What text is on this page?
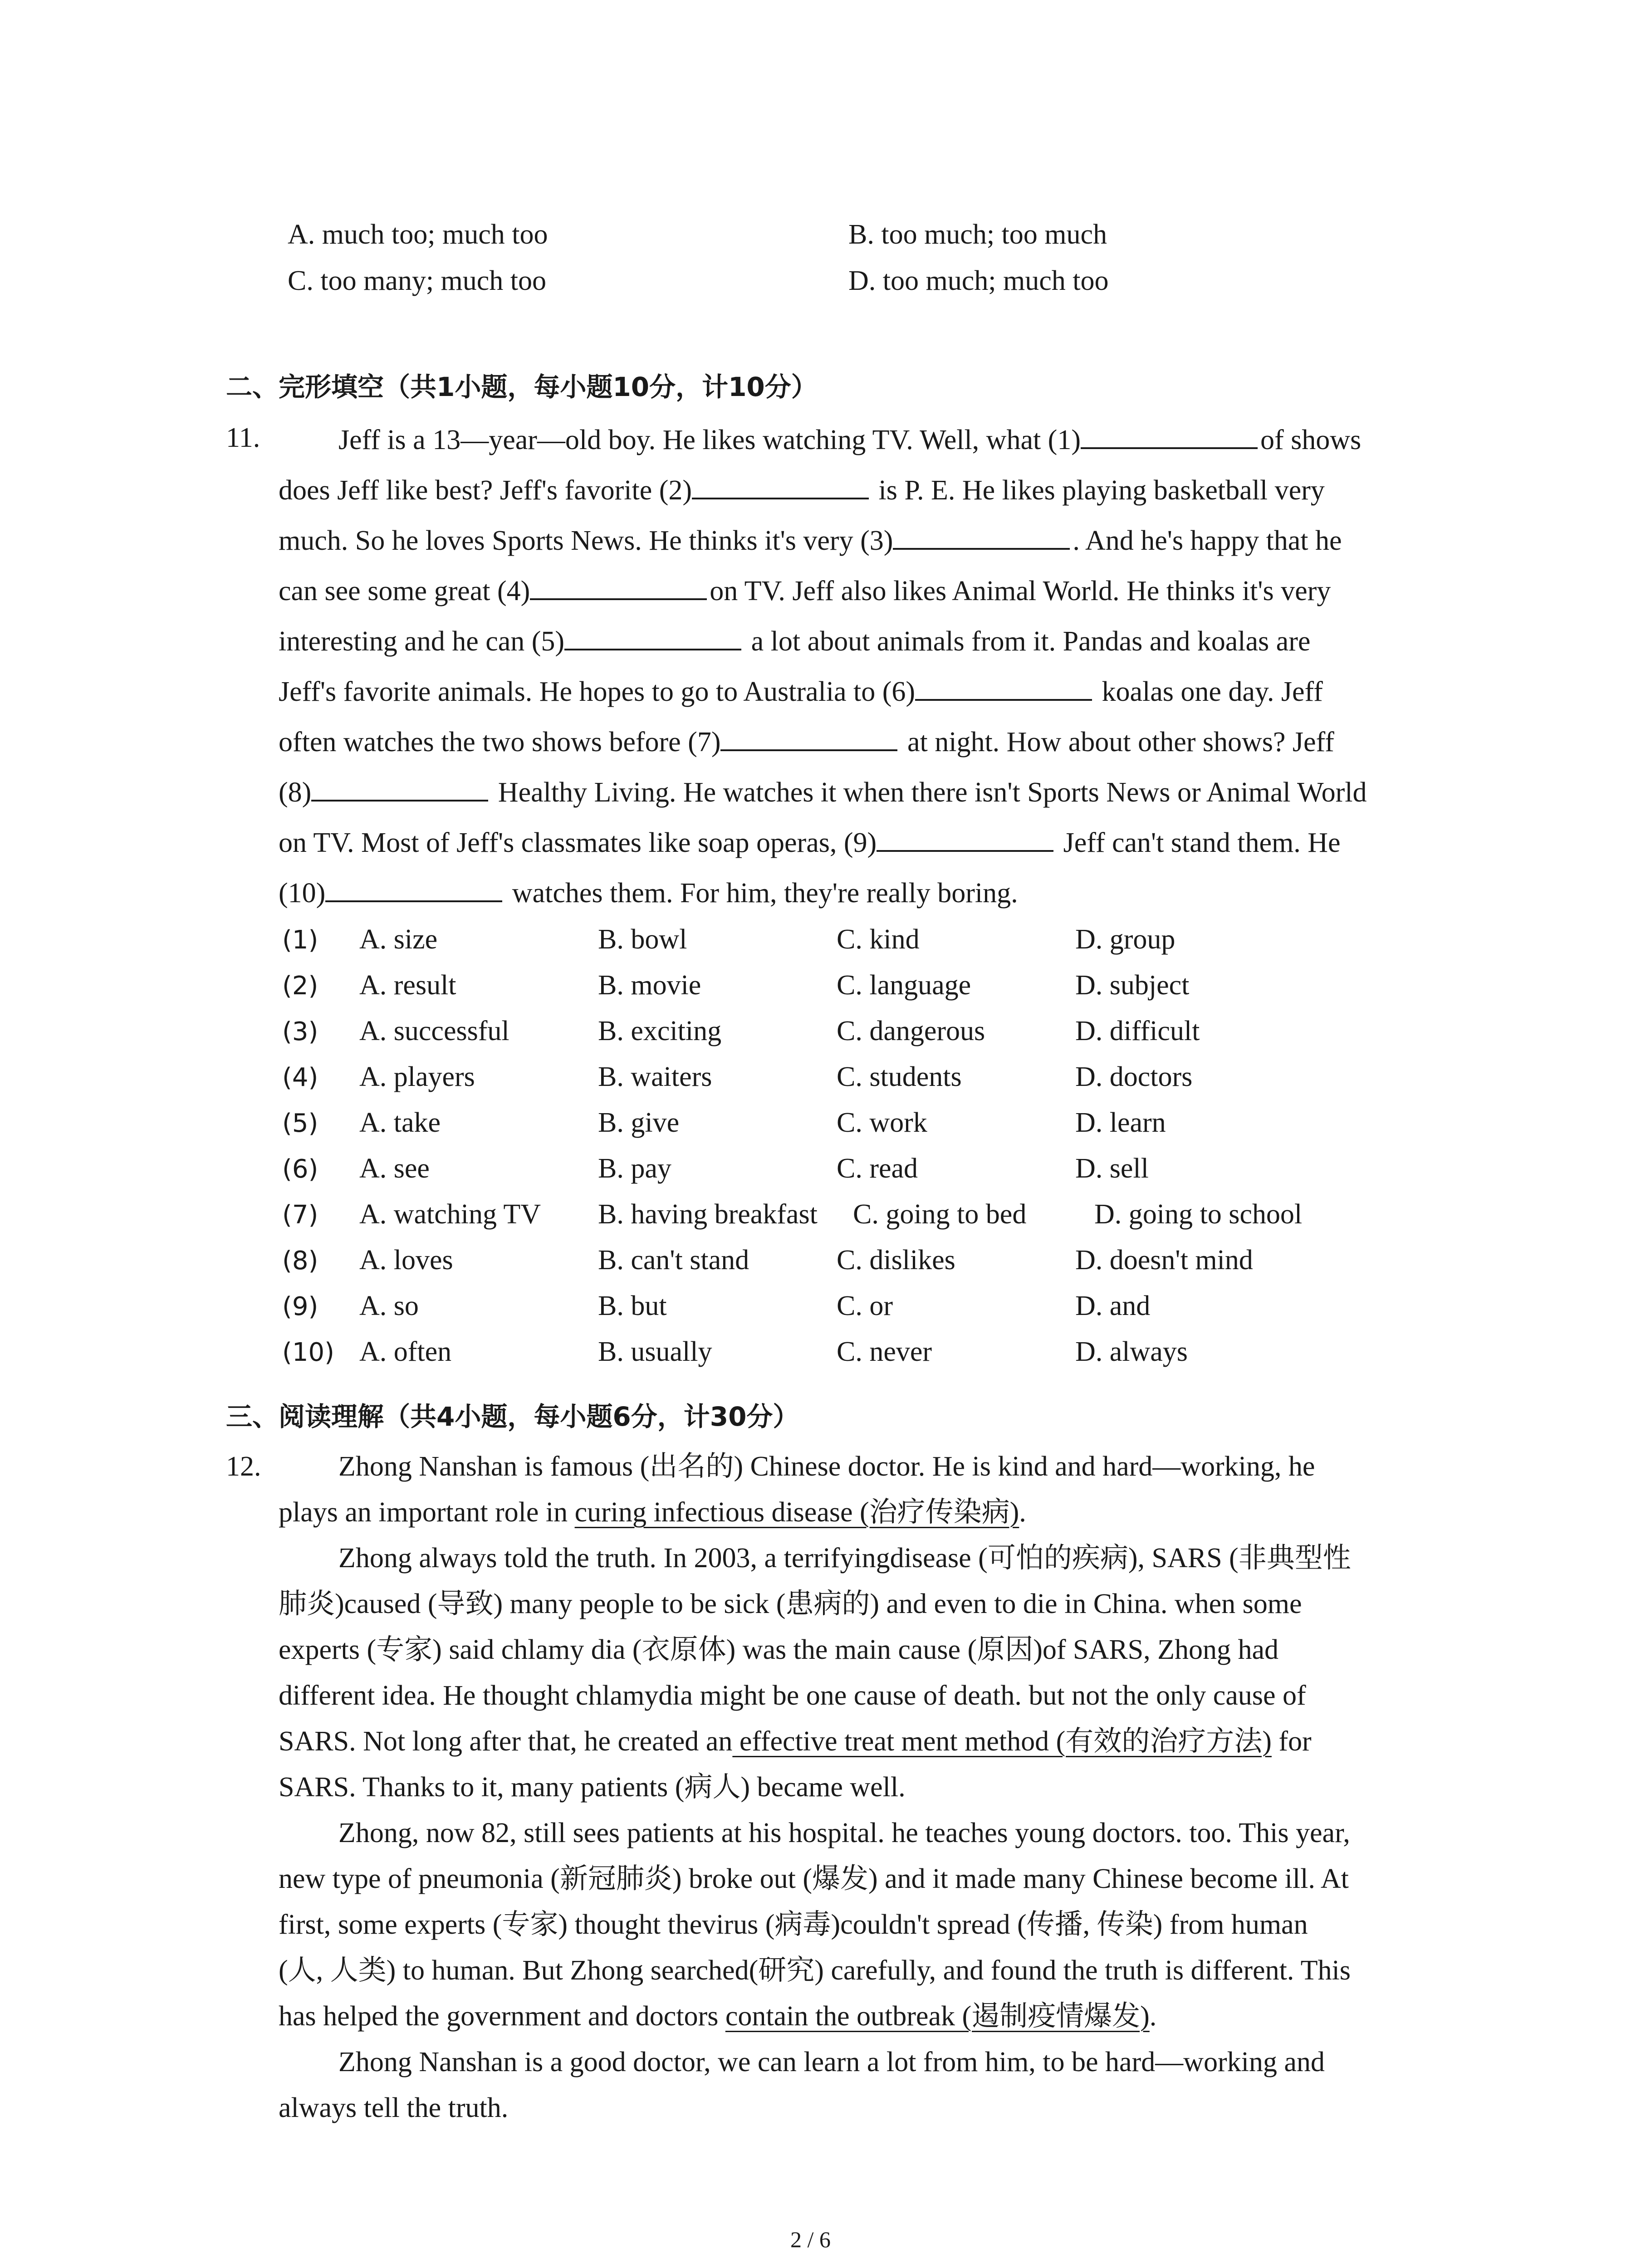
A. much too; much too	B. too much; too much
C. too many; much too	D. too much; much too
二、完形填空（共1小题，每小题10分，计10分）
11.	Jeff is a 13—year—old boy. He likes watching TV. Well, what (1)	of shows
does Jeff like best? Jeff's favorite (2)	is P. E. He likes playing basketball very
much. So he loves Sports News. He thinks it's very (3)	. And he's happy that he
can see some great (4)	on TV. Jeff also likes Animal World. He thinks it's very
interesting and he can (5)	a lot about animals from it. Pandas and koalas are
Jeff's favorite animals. He hopes to go to Australia to (6)	koalas one day. Jeff
often watches the two shows before (7)	at night. How about other shows? Jeff
(8)	Healthy Living. He watches it when there isn't Sports News or Animal World
on TV. Most of Jeff's classmates like soap operas, (9)	Jeff can't stand them. He
(10)	watches them. For him, they're really boring.
(1) A. size	B. bowl	C. kind	D. group
(2) A. result	B. movie	C. language	D. subject
(3) A. successful	B. exciting	C. dangerous	D. difficult
(4) A. players	B. waiters	C. students	D. doctors
(5) A. take	B. give	C. work	D. learn
(6) A. see	B. pay	C. read	D. sell
(7) A. watching TV B. having breakfast C. going to bed D. going to school
(8) A. loves	B. can't stand	C. dislikes	D. doesn't mind
(9) A. so	B. but	C. or	D. and
(10) A. often	B. usually	C. never	D. always
三、阅读理解（共4小题，每小题6分，计30分）
12.	Zhong Nanshan is famous (出名的) Chinese doctor. He is kind and hard—working, he
plays an important role in curing infectious disease (治疗传染病).
Zhong always told the truth. In 2003, a terrifyingdisease (可怕的疾病), SARS (非典型性
肺炎)caused (导致) many people to be sick (患病的) and even to die in China. when some
experts (专家) said chlamy dia (衣原体) was the main cause (原因)of SARS, Zhong had
different idea. He thought chlamydia might be one cause of death. but not the only cause of
SARS. Not long after that, he created an effective treat ment method (有效的治疗方法) for
SARS. Thanks to it, many patients (病人) became well.
Zhong, now 82, still sees patients at his hospital. he teaches young doctors. too. This year,
new type of pneumonia (新冠肺炎) broke out (爆发) and it made many Chinese become ill. At
first, some experts (专家) thought thevirus (病毒)couldn't spread (传播, 传染) from human
(人, 人类) to human. But Zhong searched(研究) carefully, and found the truth is different. This
has helped the government and doctors contain the outbreak (遏制疫情爆发).
Zhong Nanshan is a good doctor, we can learn a lot from him, to be hard—working and
always tell the truth.
2 / 6
